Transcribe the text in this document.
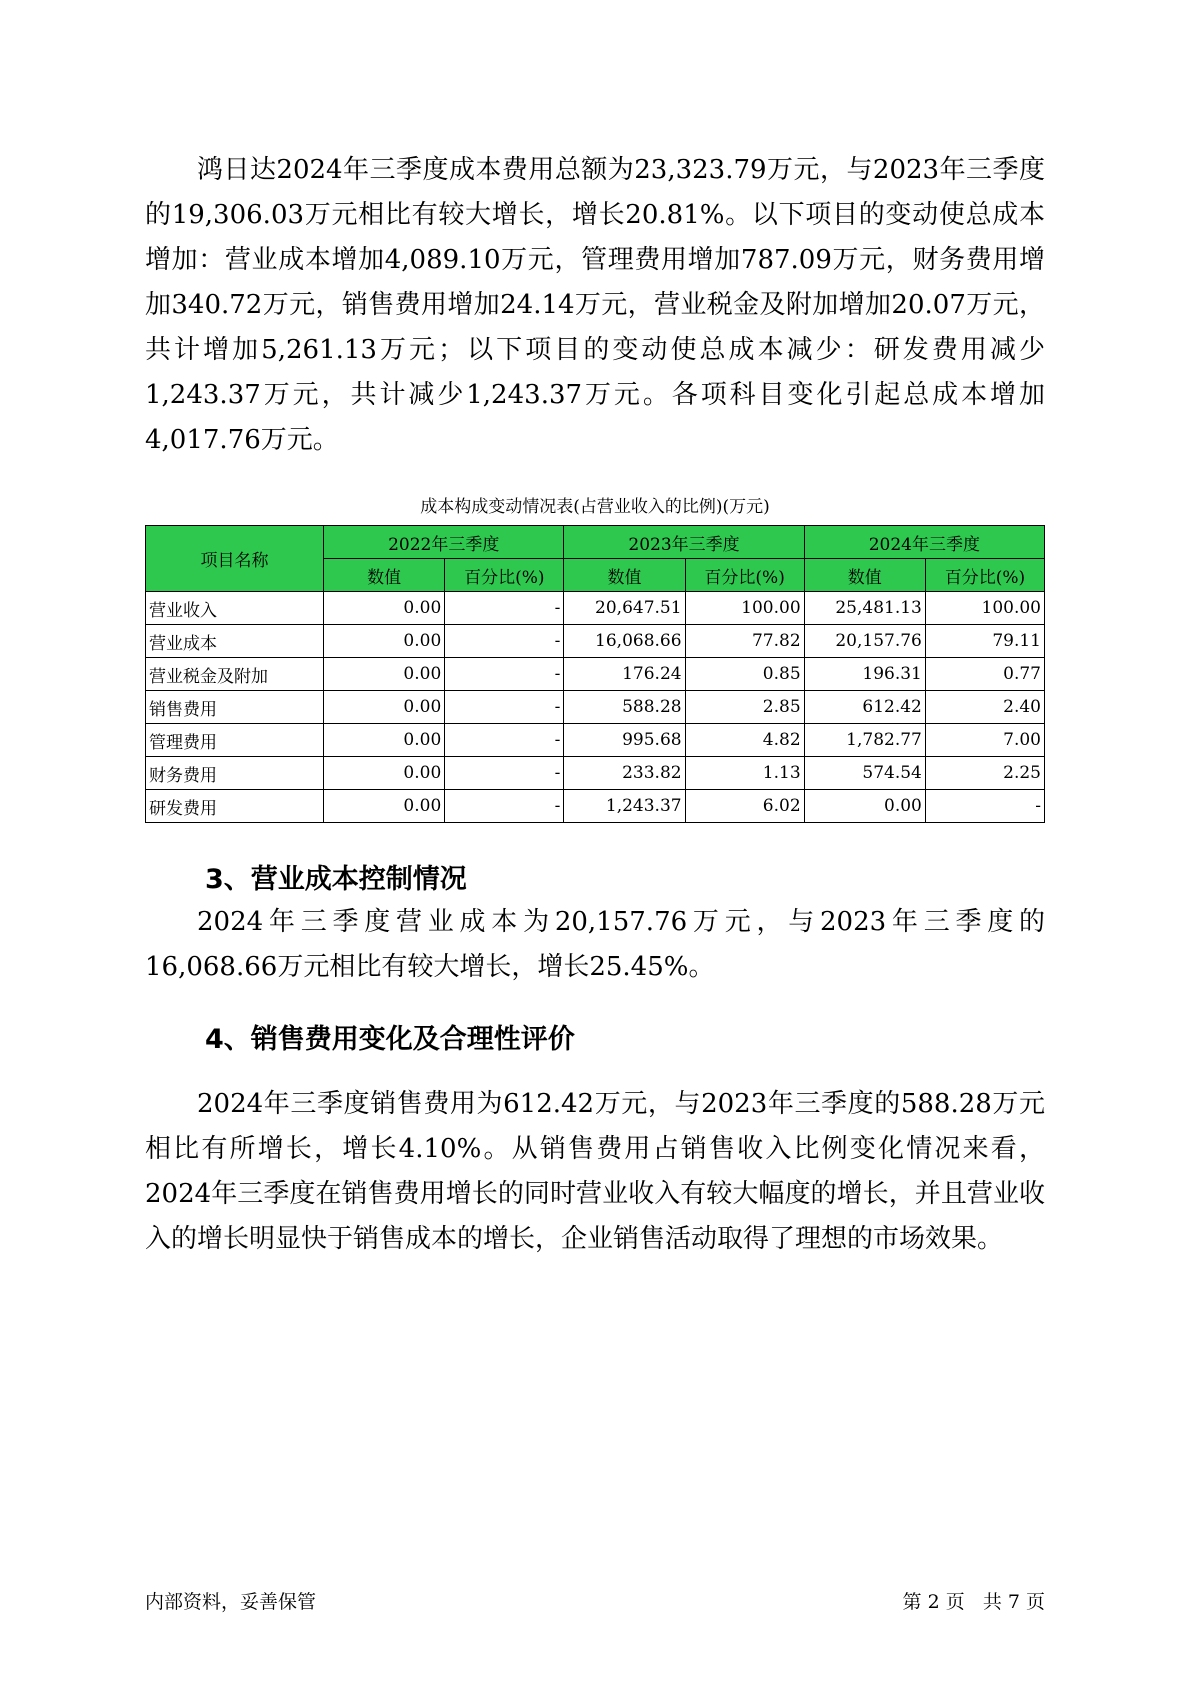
鸿日达2024年三季度成本费用总额为23,323.79万元，与2023年三季度的19,306.03万元相比有较大增长，增长20.81%。以下项目的变动使总成本增加：营业成本增加4,089.10万元，管理费用增加787.09万元，财务费用增加340.72万元，销售费用增加24.14万元，营业税金及附加增加20.07万元，共计增加5,261.13万元；以下项目的变动使总成本减少：研发费用减少1,243.37万元，共计减少1,243.37万元。各项科目变化引起总成本增加4,017.76万元。

成本构成变动情况表(占营业收入的比例)(万元)

项目名称	2022年三季度		2023年三季度		2024年三季度	
	数值	百分比(%)	数值	百分比(%)	数值	百分比(%)
营业收入	0.00	-	20,647.51	100.00	25,481.13	100.00
营业成本	0.00	-	16,068.66	77.82	20,157.76	79.11
营业税金及附加	0.00	-	176.24	0.85	196.31	0.77
销售费用	0.00	-	588.28	2.85	612.42	2.40
管理费用	0.00	-	995.68	4.82	1,782.77	7.00
财务费用	0.00	-	233.82	1.13	574.54	2.25
研发费用	0.00	-	1,243.37	6.02	0.00	-
3、营业成本控制情况

2024年三季度营业成本为20,157.76万元，与2023年三季度的16,068.66万元相比有较大增长，增长25.45%。

4、销售费用变化及合理性评价

2024年三季度销售费用为612.42万元，与2023年三季度的588.28万元相比有所增长，增长4.10%。从销售费用占销售收入比例变化情况来看，2024年三季度在销售费用增长的同时营业收入有较大幅度的增长，并且营业收入的增长明显快于销售成本的增长，企业销售活动取得了理想的市场效果。

内部资料，妥善保管	第 2 页   共 7 页
